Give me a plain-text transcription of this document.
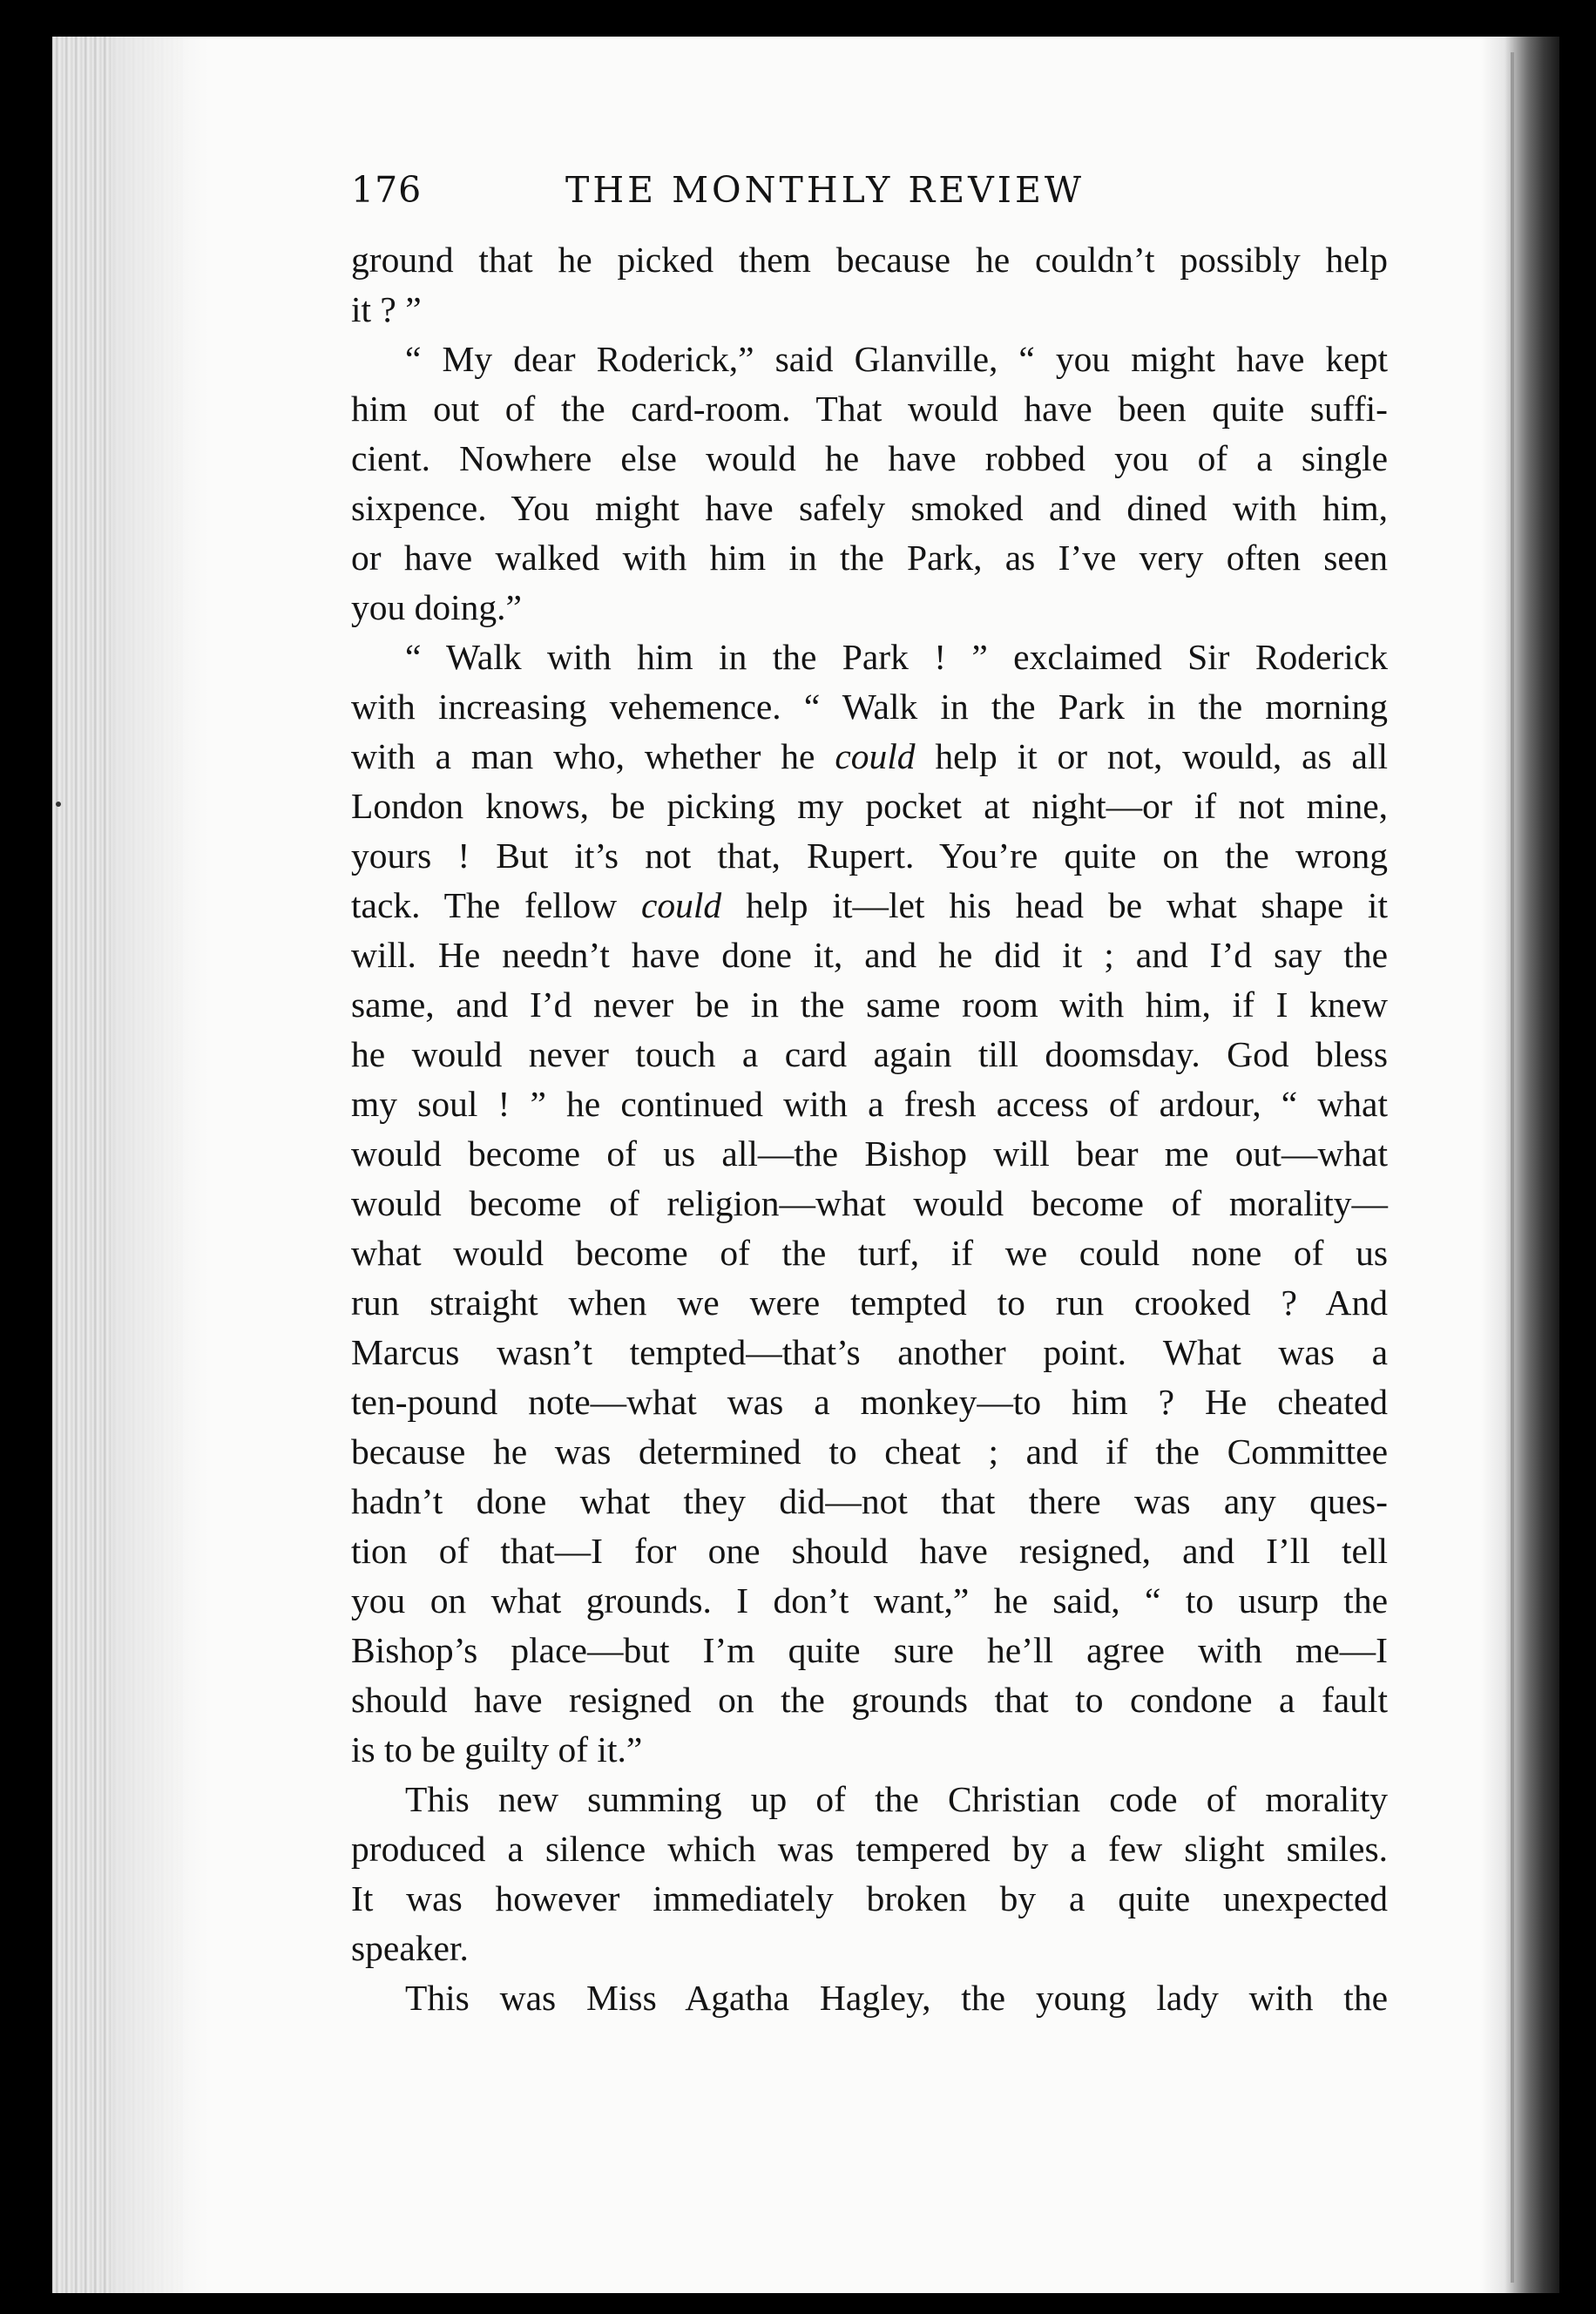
176	THE MONTHLY REVIEW
ground that he picked them because he couldn’t possibly help
it ? ”
“ My dear Roderick,” said Glanville, “ you might have kept
him out of the card-room. That would have been quite suffi-
cient. Nowhere else would he have robbed you of a single
sixpence. You might have safely smoked and dined with him,
or have walked with him in the Park, as I’ve very often seen
you doing.”
“ Walk with him in the Park ! ” exclaimed Sir Roderick
with increasing vehemence. “ Walk in the Park in the morning
with a man who, whether he could help it or not, would, as all
London knows, be picking my pocket at night—or if not mine,
yours ! But it’s not that, Rupert. You’re quite on the wrong
tack. The fellow could help it—let his head be what shape it
will. He needn’t have done it, and he did it ; and I’d say the
same, and I’d never be in the same room with him, if I knew
he would never touch a card again till doomsday. God bless
my soul ! ” he continued with a fresh access of ardour, “ what
would become of us all—the Bishop will bear me out—what
would become of religion—what would become of morality—
what would become of the turf, if we could none of us
run straight when we were tempted to run crooked ? And
Marcus wasn’t tempted—that’s another point. What was a
ten-pound note—what was a monkey—to him ? He cheated
because he was determined to cheat ; and if the Committee
hadn’t done what they did—not that there was any ques-
tion of that—I for one should have resigned, and I’ll tell
you on what grounds. I don’t want,” he said, “ to usurp the
Bishop’s place—but I’m quite sure he’ll agree with me—I
should have resigned on the grounds that to condone a fault
is to be guilty of it.”
This new summing up of the Christian code of morality
produced a silence which was tempered by a few slight smiles.
It was however immediately broken by a quite unexpected
speaker.
This was Miss Agatha Hagley, the young lady with the
